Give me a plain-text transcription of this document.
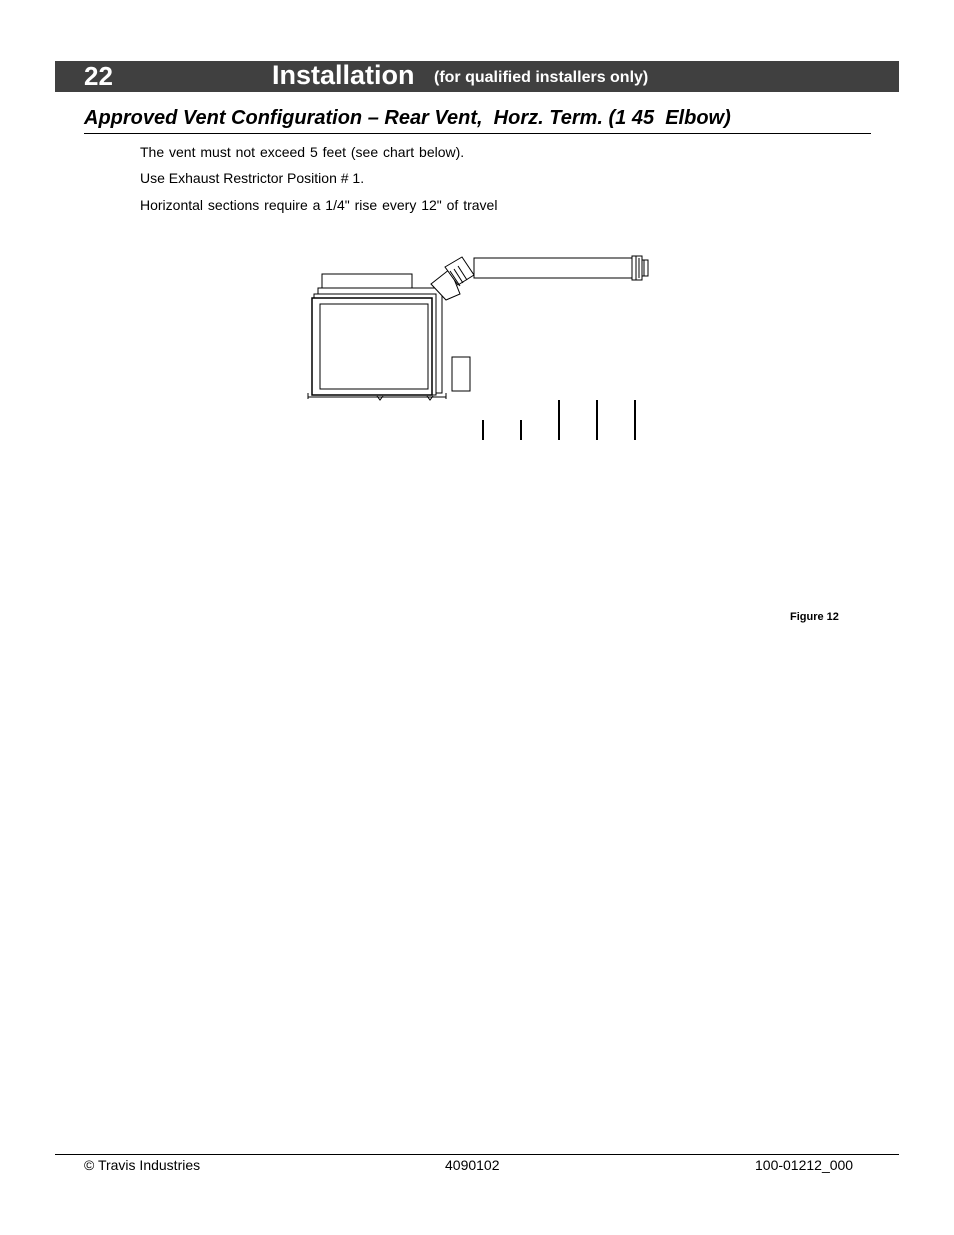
22	Installation (for qualified installers only)
Approved Vent Configuration – Rear Vent,  Horz. Term. (1 45  Elbow)
The vent must not exceed 5 feet (see chart below).
Use Exhaust Restrictor Position # 1.
Horizontal sections require a 1/4" rise every 12" of travel
Figure 12
© Travis Industries	4090102	100-01212_000
